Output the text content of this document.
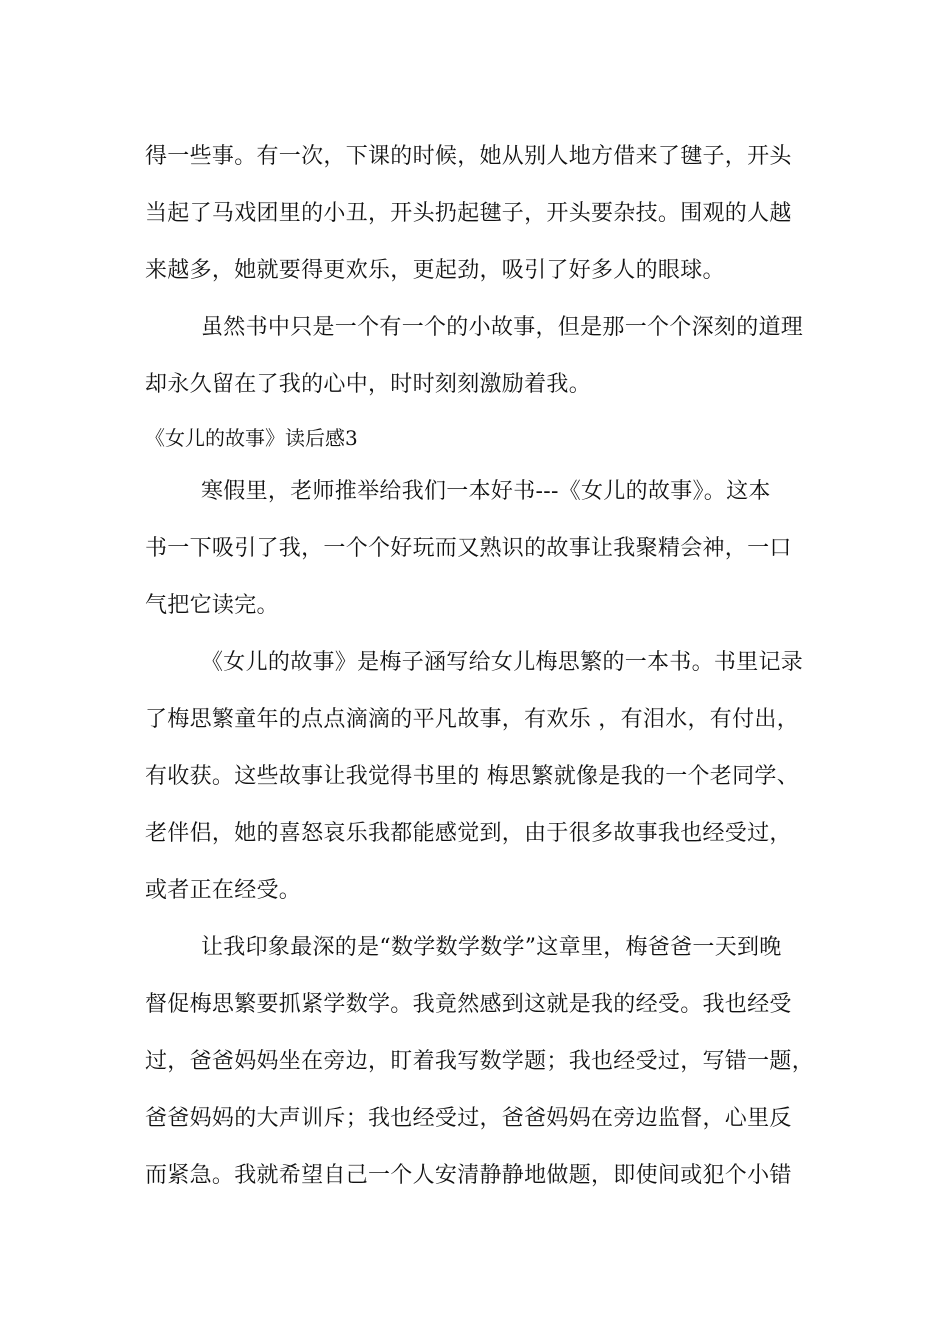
得一些事。有一次，下课的时候，她从别人地方借来了毽子，开头
当起了马戏团里的小丑，开头扔起毽子，开头要杂技。围观的人越
来越多，她就要得更欢乐，更起劲，吸引了好多人的眼球。
虽然书中只是一个有一个的小故事，但是那一个个深刻的道理
却永久留在了我的心中，时时刻刻激励着我。
《女儿的故事》读后感3
寒假里，老师推举给我们一本好书---《女儿的故事》。这本
书一下吸引了我，一个个好玩而又熟识的故事让我聚精会神，一口
气把它读完。
《女儿的故事》是梅子涵写给女儿梅思繁的一本书。书里记录
了梅思繁童年的点点滴滴的平凡故事，有欢乐 ，有泪水，有付出，
有收获。这些故事让我觉得书里的 梅思繁就像是我的一个老同学、
老伴侣，她的喜怒哀乐我都能感觉到，由于很多故事我也经受过，
或者正在经受。
让我印象最深的是“数学数学数学”这章里，梅爸爸一天到晚
督促梅思繁要抓紧学数学。我竟然感到这就是我的经受。我也经受
过，爸爸妈妈坐在旁边，盯着我写数学题；我也经受过，写错一题，
爸爸妈妈的大声训斥；我也经受过，爸爸妈妈在旁边监督，心里反
而紧急。我就希望自己一个人安清静静地做题，即使间或犯个小错
